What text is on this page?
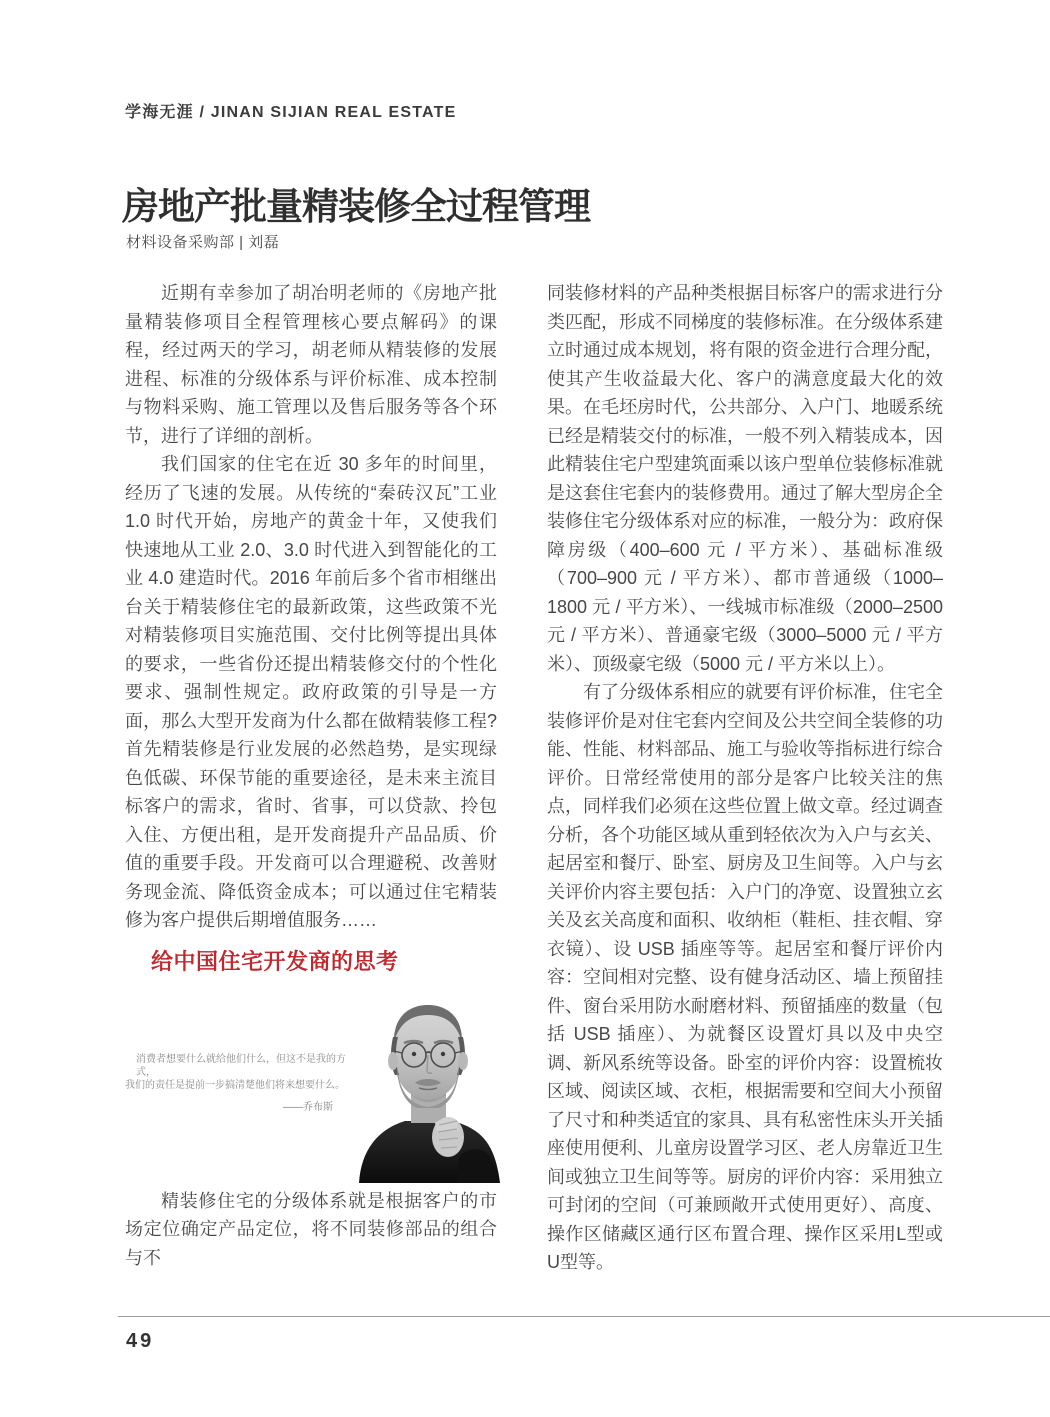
学海无涯 / JINAN SIJIAN REAL ESTATE
房地产批量精装修全过程管理
材料设备采购部 | 刘磊

近期有幸参加了胡冶明老师的《房地产批量精装修项目全程管理核心要点解码》的课程，经过两天的学习，胡老师从精装修的发展进程、标准的分级体系与评价标准、成本控制与物料采购、施工管理以及售后服务等各个环节，进行了详细的剖析。

我们国家的住宅在近 30 多年的时间里，经历了飞速的发展。从传统的“秦砖汉瓦”工业 1.0 时代开始，房地产的黄金十年，又使我们快速地从工业 2.0、3.0 时代进入到智能化的工业 4.0 建造时代。2016 年前后多个省市相继出台关于精装修住宅的最新政策，这些政策不光对精装修项目实施范围、交付比例等提出具体的要求，一些省份还提出精装修交付的个性化要求、强制性规定。政府政策的引导是一方面，那么大型开发商为什么都在做精装修工程? 首先精装修是行业发展的必然趋势，是实现绿色低碳、环保节能的重要途径，是未来主流目标客户的需求，省时、省事，可以贷款、拎包入住、方便出租，是开发商提升产品品质、价值的重要手段。开发商可以合理避税、改善财务现金流、降低资金成本；可以通过住宅精装修为客户提供后期增值服务……

给中国住宅开发商的思考
消费者想要什么就给他们什么，但这不是我的方式，
我们的责任是提前一步搞清楚他们将来想要什么。
——乔布斯

精装修住宅的分级体系就是根据客户的市场定位确定产品定位，将不同装修部品的组合与不

同装修材料的产品种类根据目标客户的需求进行分类匹配，形成不同梯度的装修标准。在分级体系建立时通过成本规划，将有限的资金进行合理分配，使其产生收益最大化、客户的满意度最大化的效果。在毛坯房时代，公共部分、入户门、地暖系统已经是精装交付的标准，一般不列入精装成本，因此精装住宅户型建筑面乘以该户型单位装修标准就是这套住宅套内的装修费用。通过了解大型房企全装修住宅分级体系对应的标准，一般分为：政府保障房级（400–600 元 / 平方米）、基础标准级（700–900 元 / 平方米）、都市普通级（1000–1800 元 / 平方米）、一线城市标准级（2000–2500 元 / 平方米）、普通豪宅级（3000–5000 元 / 平方米）、顶级豪宅级（5000 元 / 平方米以上）。

有了分级体系相应的就要有评价标准，住宅全装修评价是对住宅套内空间及公共空间全装修的功能、性能、材料部品、施工与验收等指标进行综合评价。日常经常使用的部分是客户比较关注的焦点，同样我们必须在这些位置上做文章。经过调查分析，各个功能区域从重到轻依次为入户与玄关、起居室和餐厅、卧室、厨房及卫生间等。入户与玄关评价内容主要包括：入户门的净宽、设置独立玄关及玄关高度和面积、收纳柜（鞋柜、挂衣帽、穿衣镜）、设 USB 插座等等。起居室和餐厅评价内容：空间相对完整、设有健身活动区、墙上预留挂件、窗台采用防水耐磨材料、预留插座的数量（包括 USB 插座）、为就餐区设置灯具以及中央空调、新风系统等设备。卧室的评价内容：设置梳妆区域、阅读区域、衣柜，根据需要和空间大小预留了尺寸和种类适宜的家具、具有私密性床头开关插座使用便利、儿童房设置学习区、老人房靠近卫生间或独立卫生间等等。厨房的评价内容：采用独立可封闭的空间（可兼顾敞开式使用更好）、高度、操作区储藏区通行区布置合理、操作区采用L型或U型等。

49
